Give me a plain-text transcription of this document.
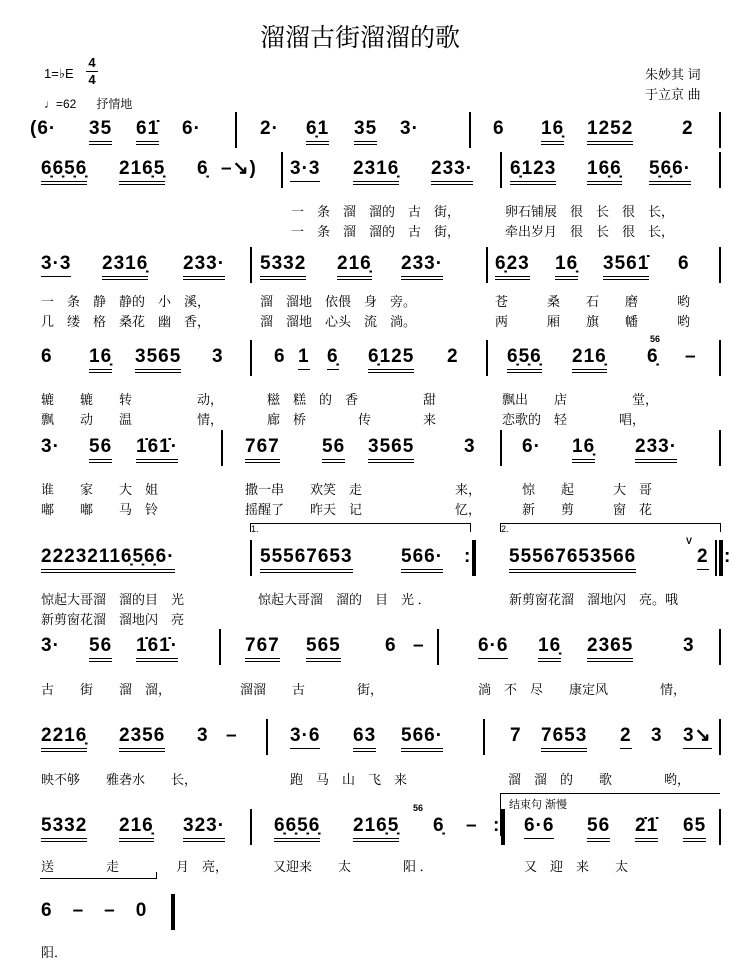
溜溜古街溜溜的歌
1=♭E
4
4
♩=62 抒情地
朱妙其 词
于立京 曲
1.	2.
结束句 渐慢
56
56
V
(6· 35 61̇ 6·	2· 6̣1 35 3·	6 16̣ 1252	2
6̣6̣5̣6̣ 216̣5̣ 6̣ –↘) 3·3 2316̣ 233· 6̣123 16̣6̣ 5̣6̣6·
一　条　溜　溜的　古　街，	卵石铺展　很　长　很　长，
一　条　溜　溜的　古　街，	牵出岁月　很　长　很　长，
3·3 2316̣ 233· 5332 216̣ 233·	6̣23 16̣ 3561̇ 6
一　条　静　静的　小　溪，	溜　溜地　依偎　身　旁。	苍　　　桑　　石　　磨　　　哟
几　缕　格　桑花　幽　香，	溜　溜地　心头　流　淌。	两　　　厢　　旗　　幡　　　哟
6 16̣ 3565 3	6 1 6̣ 6̣125 2	6̣5̣6̣ 216̣ 6̣ –
辘　　辘　　转　　　　　动，	糍　糕　的　香　　　　　甜	飘出　　店　　　　　堂，
飘　　动　　温　　　　　情，	廊　桥　　　　传　　　　来	恋歌的　轻　　　　唱，
3· 56 1̇61̇·	767 56 3565	3 6· 16̣ 233·
谁　　家　　大　姐	撒一串　　欢笑　走	来，	惊　　起　　　大　哥
嘟　　嘟　　马　铃	摇醒了　　昨天　记	忆，	新　　剪　　　窗　花
22232116̣5̣6̣6·	55567653	566·	55567653566	2
:	:
惊起大哥溜　溜的目　光	惊起大哥溜　溜的　目　光 ．	新剪窗花溜　溜地闪　亮。哦
新剪窗花溜　溜地闪　亮
3· 56 1̇61̇·	767 565 6 –	6·6 16̣ 2365	3
古　　街　　溜　溜，	溜溜　　古　　　　街，	淌　不　尽　　康定风　　　　情，
2216̣ 2356 3 –	3·6 63 566·	7 7653 2 3 3↘
映不够　　雅砻水　　长，	跑　马　山　飞　来	溜　溜　的　　歌　　　　哟，
5332 216̣ 323·	6̣6̣5̣6̣ 216̣5̣ 6̣ – 6·6 56 2̇1̇ 65
:
送　　　　走	月　亮，	又迎来　　太　　　　阳 ．	又　迎　来　　太
6　–　–　0
阳．
